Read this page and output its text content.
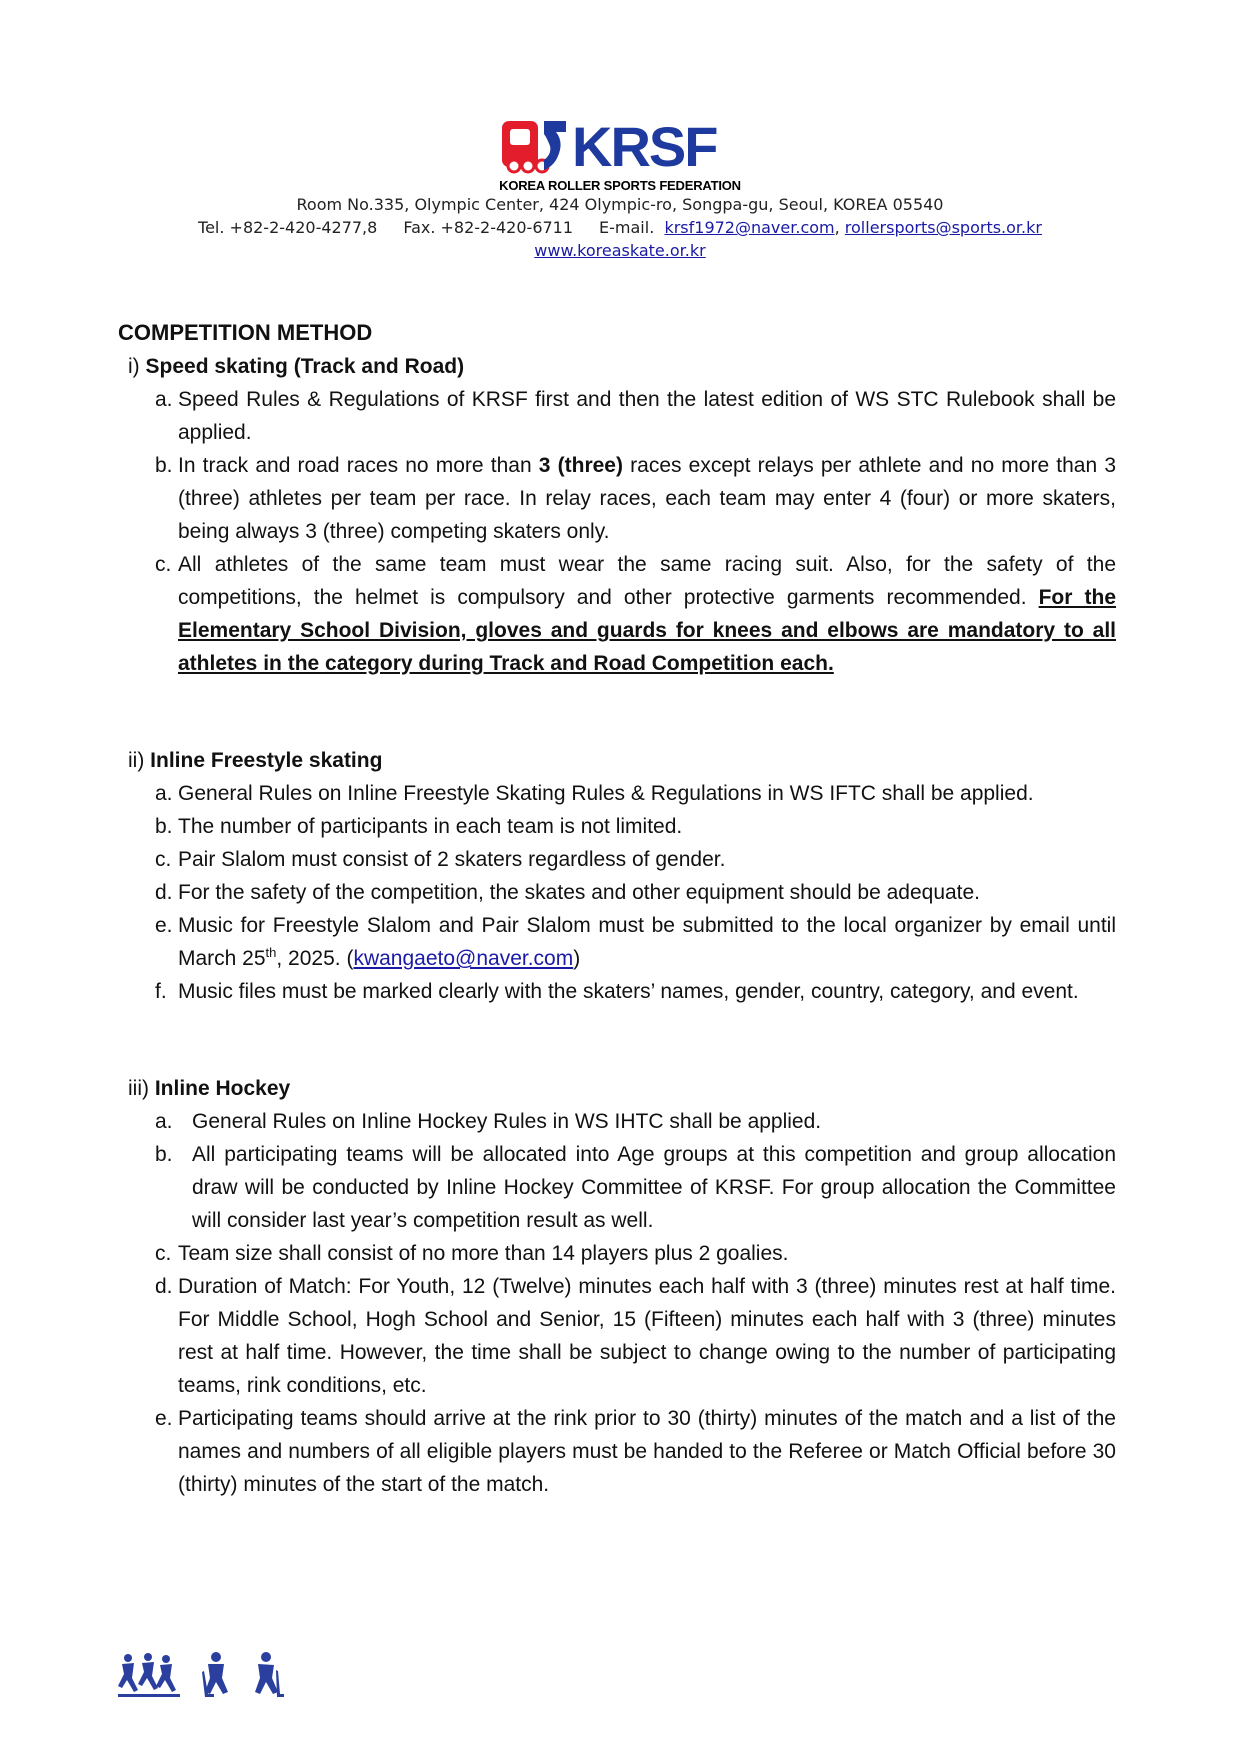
KRSF
KOREA ROLLER SPORTS FEDERATION
Room No.335, Olympic Center, 424 Olympic-ro, Songpa-gu, Seoul, KOREA 05540
Tel. +82-2-420-4277,8 Fax. +82-2-420-6711 E-mail. krsf1972@naver.com, rollersports@sports.or.kr
www.koreaskate.or.kr

COMPETITION METHOD

i) Speed skating (Track and Road)

a. Speed Rules & Regulations of KRSF first and then the latest edition of WS STC Rulebook shall be applied.
b. In track and road races no more than 3 (three) races except relays per athlete and no more than 3 (three) athletes per team per race. In relay races, each team may enter 4 (four) or more skaters, being always 3 (three) competing skaters only.
c. All athletes of the same team must wear the same racing suit. Also, for the safety of the competitions, the helmet is compulsory and other protective garments recommended. For the Elementary School Division, gloves and guards for knees and elbows are mandatory to all athletes in the category during Track and Road Competition each.

ii) Inline Freestyle skating

a. General Rules on Inline Freestyle Skating Rules & Regulations in WS IFTC shall be applied.
b. The number of participants in each team is not limited.
c. Pair Slalom must consist of 2 skaters regardless of gender.
d. For the safety of the competition, the skates and other equipment should be adequate.
e. Music for Freestyle Slalom and Pair Slalom must be submitted to the local organizer by email until March 25th, 2025. (kwangaeto@naver.com)
f. Music files must be marked clearly with the skaters’ names, gender, country, category, and event.

iii) Inline Hockey

a. General Rules on Inline Hockey Rules in WS IHTC shall be applied.
b. All participating teams will be allocated into Age groups at this competition and group allocation draw will be conducted by Inline Hockey Committee of KRSF. For group allocation the Committee will consider last year’s competition result as well.
c. Team size shall consist of no more than 14 players plus 2 goalies.
d. Duration of Match: For Youth, 12 (Twelve) minutes each half with 3 (three) minutes rest at half time. For Middle School, Hogh School and Senior, 15 (Fifteen) minutes each half with 3 (three) minutes rest at half time. However, the time shall be subject to change owing to the number of participating teams, rink conditions, etc.
e. Participating teams should arrive at the rink prior to 30 (thirty) minutes of the match and a list of the names and numbers of all eligible players must be handed to the Referee or Match Official before 30 (thirty) minutes of the start of the match.
